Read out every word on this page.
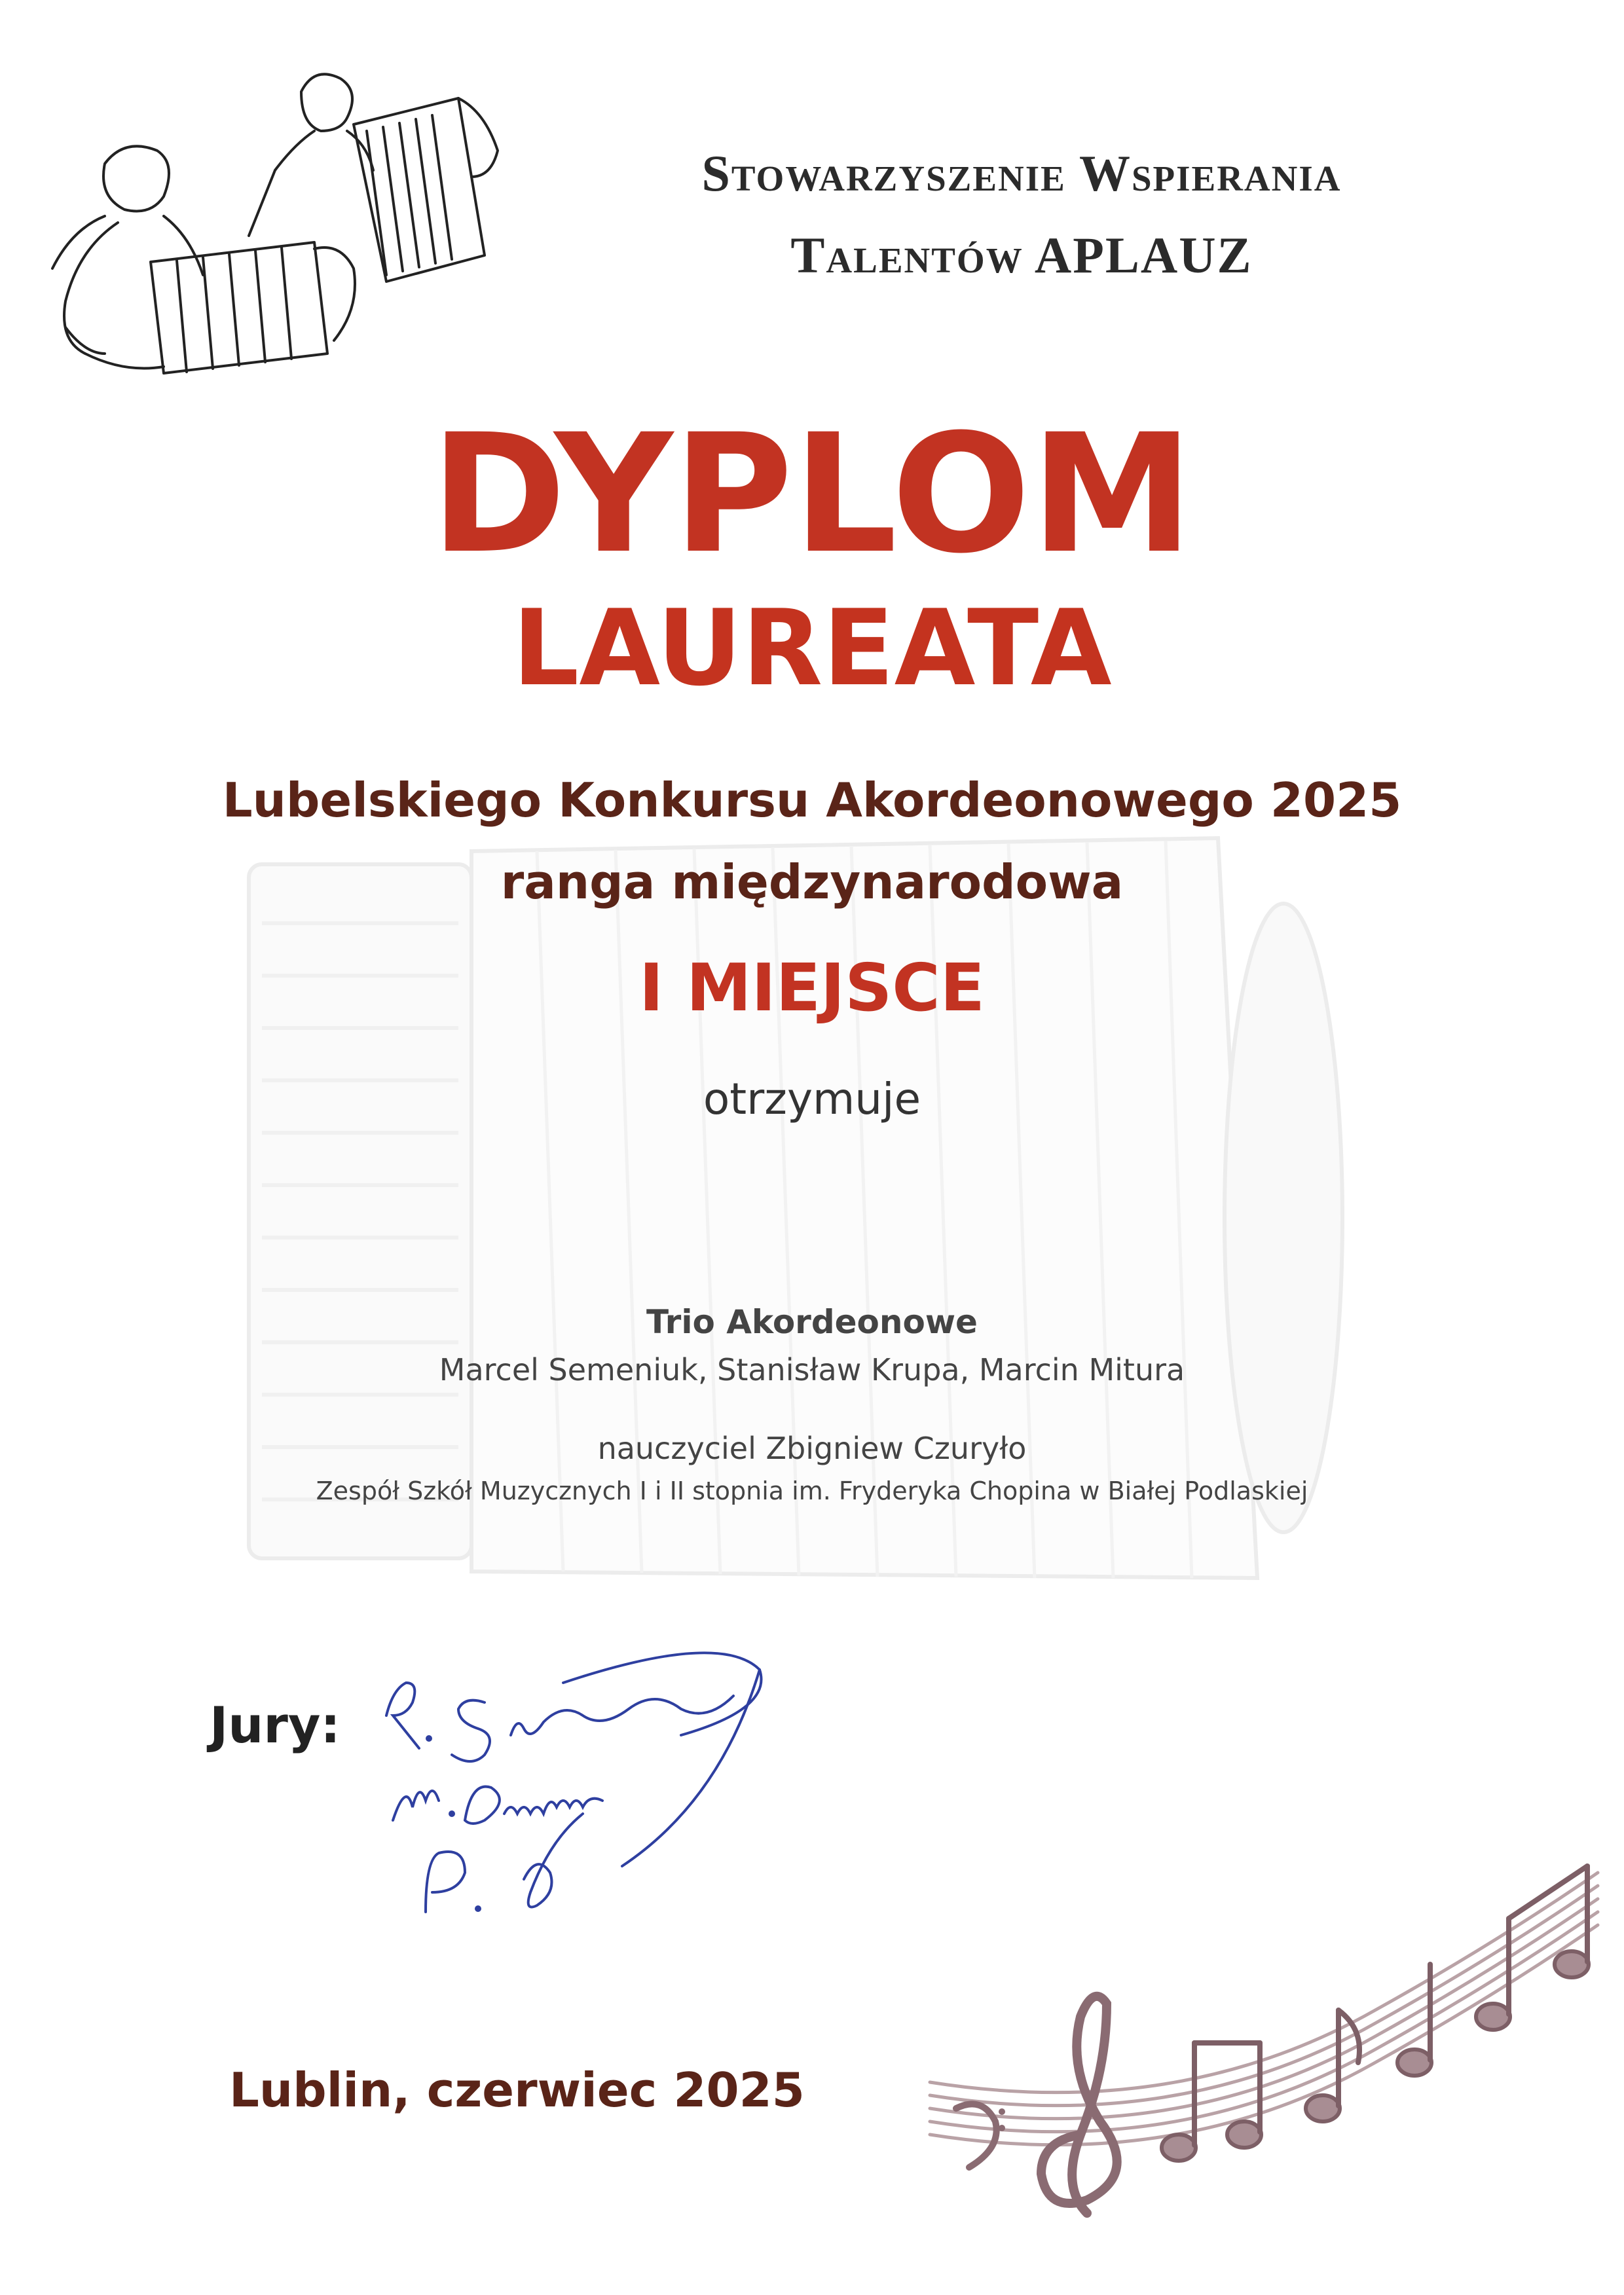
Stowarzyszenie Wspierania
Talentów APLAUZ
DYPLOM
LAUREATA
Lubelskiego Konkursu Akordeonowego 2025
ranga międzynarodowa
I MIEJSCE
otrzymuje
Trio Akordeonowe
Marcel Semeniuk, Stanisław Krupa, Marcin Mitura
nauczyciel Zbigniew Czuryło
Zespół Szkół Muzycznych I i II stopnia im. Fryderyka Chopina w Białej Podlaskiej
Jury:
Lublin, czerwiec 2025
